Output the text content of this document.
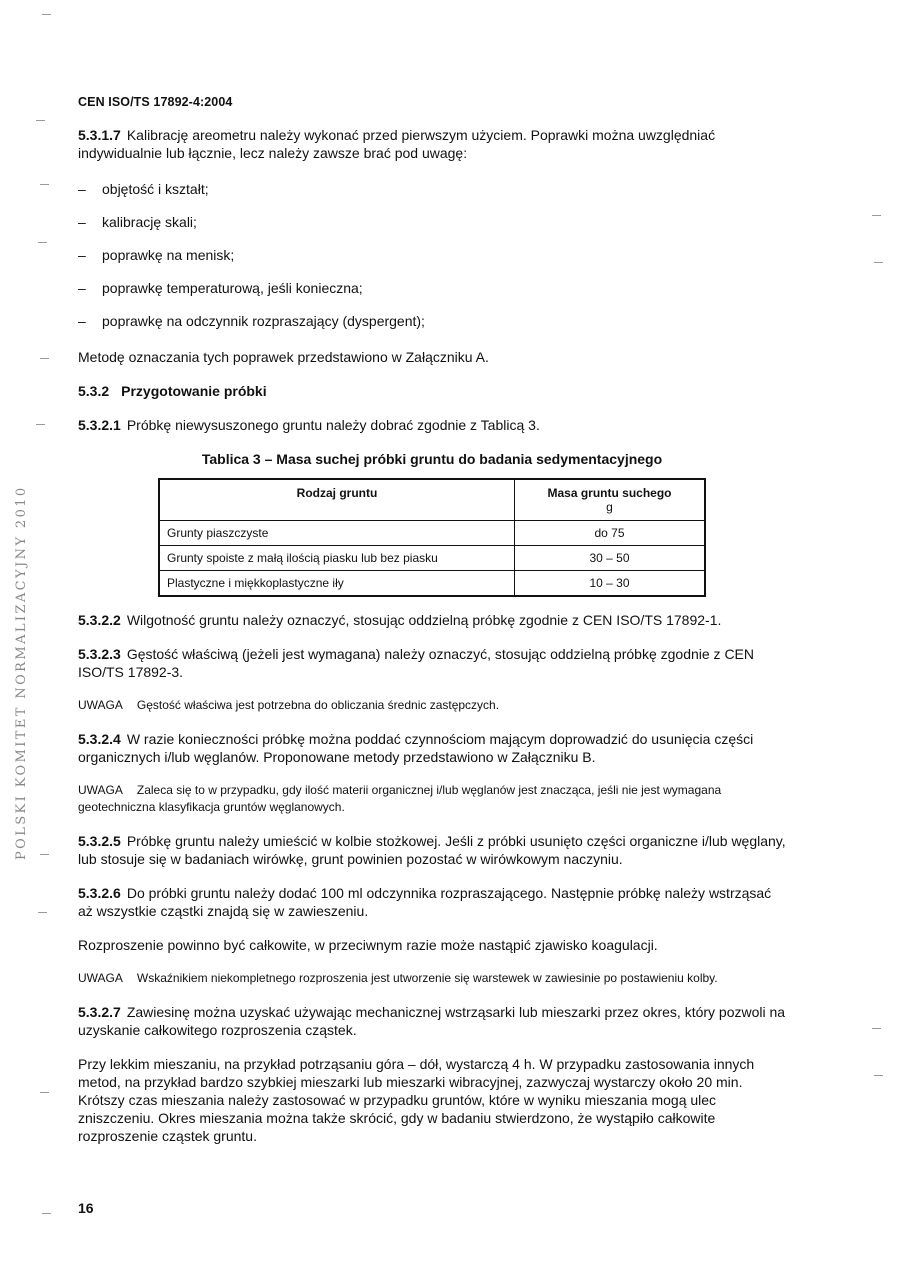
POLSKI KOMITET NORMALIZACYJNY 2010
CEN ISO/TS 17892-4:2004

5.3.1.7 Kalibrację areometru należy wykonać przed pierwszym użyciem. Poprawki można uwzględniać indywidualnie lub łącznie, lecz należy zawsze brać pod uwagę:

– objętość i kształt;
– kalibrację skali;
– poprawkę na menisk;
– poprawkę temperaturową, jeśli konieczna;
– poprawkę na odczynnik rozpraszający (dyspergent);

Metodę oznaczania tych poprawek przedstawiono w Załączniku A.

5.3.2 Przygotowanie próbki

5.3.2.1 Próbkę niewysuszonego gruntu należy dobrać zgodnie z Tablicą 3.

Tablica 3 – Masa suchej próbki gruntu do badania sedymentacyjnego

Rodzaj gruntu	Masa gruntu suchego
g

Grunty piaszczyste	do 75
Grunty spoiste z małą ilością piasku lub bez piasku	30 – 50
Plastyczne i miękkoplastyczne iły	10 – 30

5.3.2.2 Wilgotność gruntu należy oznaczyć, stosując oddzielną próbkę zgodnie z CEN ISO/TS 17892-1.

5.3.2.3 Gęstość właściwą (jeżeli jest wymagana) należy oznaczyć, stosując oddzielną próbkę zgodnie z CEN ISO/TS 17892-3.

UWAGA Gęstość właściwa jest potrzebna do obliczania średnic zastępczych.

5.3.2.4 W razie konieczności próbkę można poddać czynnościom mającym doprowadzić do usunięcia części organicznych i/lub węglanów. Proponowane metody przedstawiono w Załączniku B.

UWAGA Zaleca się to w przypadku, gdy ilość materii organicznej i/lub węglanów jest znacząca, jeśli nie jest wymagana geotechniczna klasyfikacja gruntów węglanowych.

5.3.2.5 Próbkę gruntu należy umieścić w kolbie stożkowej. Jeśli z próbki usunięto części organiczne i/lub węglany, lub stosuje się w badaniach wirówkę, grunt powinien pozostać w wirówkowym naczyniu.

5.3.2.6 Do próbki gruntu należy dodać 100 ml odczynnika rozpraszającego. Następnie próbkę należy wstrząsać aż wszystkie cząstki znajdą się w zawieszeniu.

Rozproszenie powinno być całkowite, w przeciwnym razie może nastąpić zjawisko koagulacji.

UWAGA Wskaźnikiem niekompletnego rozproszenia jest utworzenie się warstewek w zawiesinie po postawieniu kolby.

5.3.2.7 Zawiesinę można uzyskać używając mechanicznej wstrząsarki lub mieszarki przez okres, który pozwoli na uzyskanie całkowitego rozproszenia cząstek.

Przy lekkim mieszaniu, na przykład potrząsaniu góra – dół, wystarczą 4 h. W przypadku zastosowania innych metod, na przykład bardzo szybkiej mieszarki lub mieszarki wibracyjnej, zazwyczaj wystarczy około 20 min. Krótszy czas mieszania należy zastosować w przypadku gruntów, które w wyniku mieszania mogą ulec zniszczeniu. Okres mieszania można także skrócić, gdy w badaniu stwierdzono, że wystąpiło całkowite rozproszenie cząstek gruntu.

16
